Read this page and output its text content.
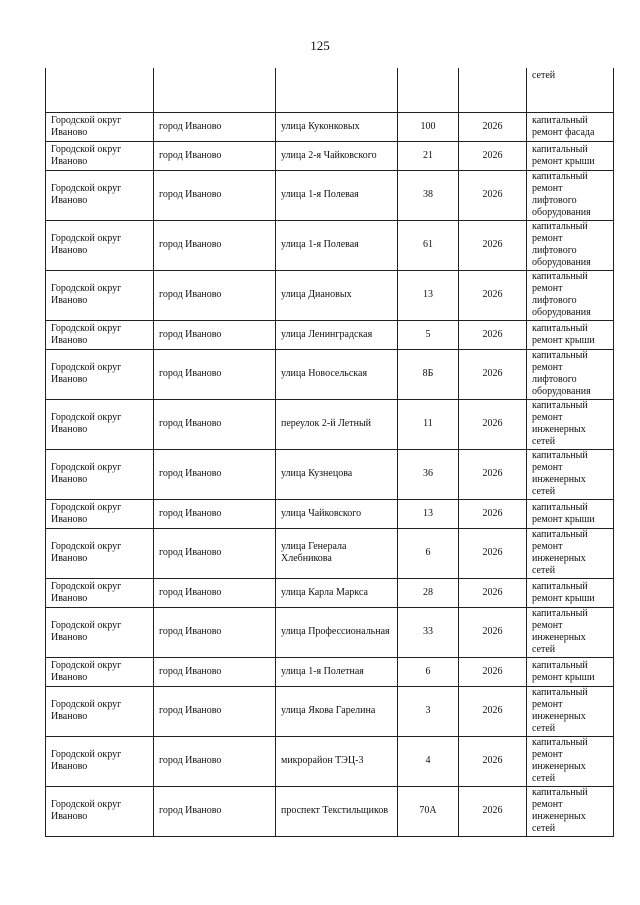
125
					сетей
Городской округ Иваново	город Иваново	улица Куконковых	100	2026	капитальный ремонт фасада
Городской округ Иваново	город Иваново	улица 2-я Чайковского	21	2026	капитальный ремонт крыши
Городской округ Иваново	город Иваново	улица 1-я Полевая	38	2026	капитальный ремонт лифтового оборудования
Городской округ Иваново	город Иваново	улица 1-я Полевая	61	2026	капитальный ремонт лифтового оборудования
Городской округ Иваново	город Иваново	улица Диановых	13	2026	капитальный ремонт лифтового оборудования
Городской округ Иваново	город Иваново	улица Ленинградская	5	2026	капитальный ремонт крыши
Городской округ Иваново	город Иваново	улица Новосельская	8Б	2026	капитальный ремонт лифтового оборудования
Городской округ Иваново	город Иваново	переулок 2-й Летный	11	2026	капитальный ремонт инженерных сетей
Городской округ Иваново	город Иваново	улица Кузнецова	36	2026	капитальный ремонт инженерных сетей
Городской округ Иваново	город Иваново	улица Чайковского	13	2026	капитальный ремонт крыши
Городской округ Иваново	город Иваново	улица Генерала Хлебникова	6	2026	капитальный ремонт инженерных сетей
Городской округ Иваново	город Иваново	улица Карла Маркса	28	2026	капитальный ремонт крыши
Городской округ Иваново	город Иваново	улица Профессиональная	33	2026	капитальный ремонт инженерных сетей
Городской округ Иваново	город Иваново	улица 1-я Полетная	6	2026	капитальный ремонт крыши
Городской округ Иваново	город Иваново	улица Якова Гарелина	3	2026	капитальный ремонт инженерных сетей
Городской округ Иваново	город Иваново	микрорайон ТЭЦ-3	4	2026	капитальный ремонт инженерных сетей
Городской округ Иваново	город Иваново	проспект Текстильщиков	70А	2026	капитальный ремонт инженерных сетей
